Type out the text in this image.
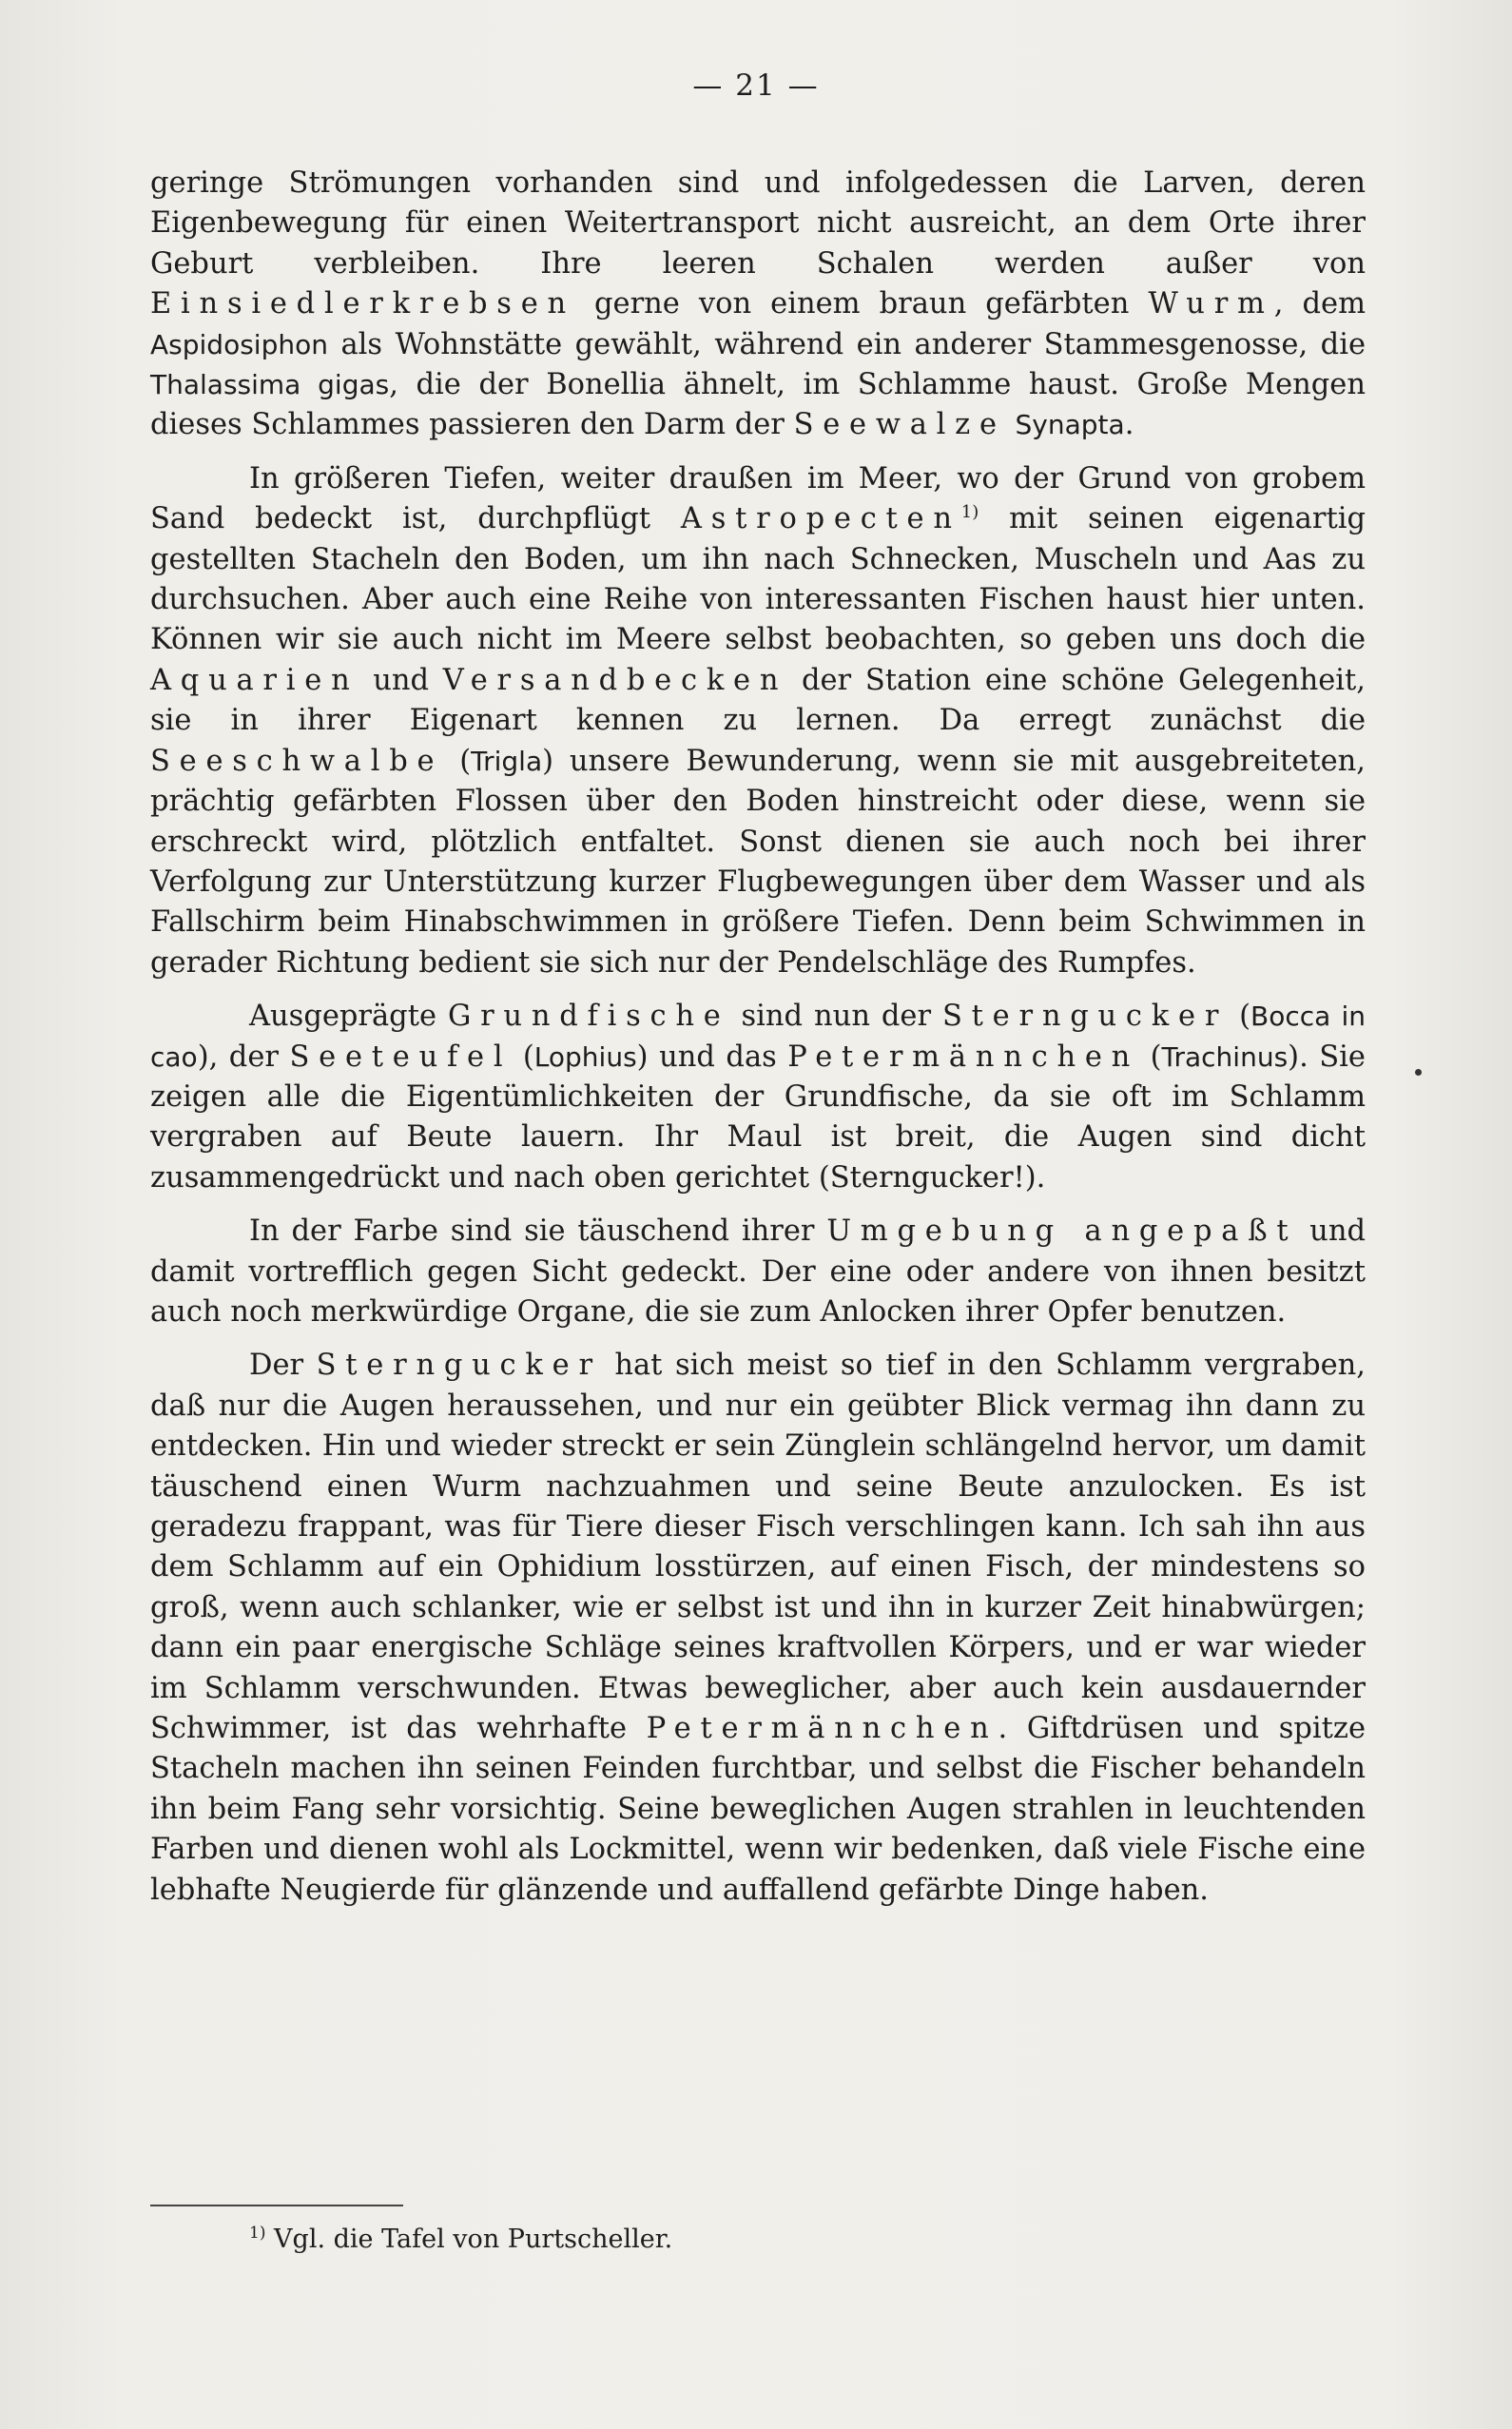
— 21 —

geringe Strömungen vorhanden sind und infolgedessen die Larven, deren Eigenbewegung für einen Weitertransport nicht ausreicht, an dem Orte ihrer Geburt verbleiben. Ihre leeren Schalen werden außer von Einsiedlerkrebsen gerne von einem braun gefärbten Wurm, dem Aspidosiphon als Wohnstätte gewählt, während ein anderer Stammesgenosse, die Thalassima gigas, die der Bonellia ähnelt, im Schlamme haust. Große Mengen dieses Schlammes passieren den Darm der Seewalze Synapta.

In größeren Tiefen, weiter draußen im Meer, wo der Grund von grobem Sand bedeckt ist, durchpflügt Astropecten$^{1)}$ mit seinen eigenartig gestellten Stacheln den Boden, um ihn nach Schnecken, Muscheln und Aas zu durchsuchen. Aber auch eine Reihe von interessanten Fischen haust hier unten. Können wir sie auch nicht im Meere selbst beobachten, so geben uns doch die Aquarien und Versandbecken der Station eine schöne Gelegenheit, sie in ihrer Eigenart kennen zu lernen. Da erregt zunächst die Seeschwalbe (Trigla) unsere Bewunderung, wenn sie mit ausgebreiteten, prächtig gefärbten Flossen über den Boden hinstreicht oder diese, wenn sie erschreckt wird, plötzlich entfaltet. Sonst dienen sie auch noch bei ihrer Verfolgung zur Unterstützung kurzer Flugbewegungen über dem Wasser und als Fallschirm beim Hinabschwimmen in größere Tiefen. Denn beim Schwimmen in gerader Richtung bedient sie sich nur der Pendelschläge des Rumpfes.

Ausgeprägte Grundfische sind nun der Sterngucker (Bocca in cao), der Seeteufel (Lophius) und das Petermännchen (Trachinus). Sie zeigen alle die Eigentümlichkeiten der Grundfische, da sie oft im Schlamm vergraben auf Beute lauern. Ihr Maul ist breit, die Augen sind dicht zusammengedrückt und nach oben gerichtet (Sterngucker!).

In der Farbe sind sie täuschend ihrer Umgebung angepaßt und damit vortrefflich gegen Sicht gedeckt. Der eine oder andere von ihnen besitzt auch noch merkwürdige Organe, die sie zum Anlocken ihrer Opfer benutzen.

Der Sterngucker hat sich meist so tief in den Schlamm vergraben, daß nur die Augen heraussehen, und nur ein geübter Blick vermag ihn dann zu entdecken. Hin und wieder streckt er sein Zünglein schlängelnd hervor, um damit täuschend einen Wurm nachzuahmen und seine Beute anzulocken. Es ist geradezu frappant, was für Tiere dieser Fisch verschlingen kann. Ich sah ihn aus dem Schlamm auf ein Ophidium losstürzen, auf einen Fisch, der mindestens so groß, wenn auch schlanker, wie er selbst ist und ihn in kurzer Zeit hinabwürgen; dann ein paar energische Schläge seines kraftvollen Körpers, und er war wieder im Schlamm verschwunden. Etwas beweglicher, aber auch kein ausdauernder Schwimmer, ist das wehrhafte Petermännchen. Giftdrüsen und spitze Stacheln machen ihn seinen Feinden furchtbar, und selbst die Fischer behandeln ihn beim Fang sehr vorsichtig. Seine beweglichen Augen strahlen in leuchtenden Farben und dienen wohl als Lockmittel, wenn wir bedenken, daß viele Fische eine lebhafte Neugierde für glänzende und auffallend gefärbte Dinge haben.

$^{1)}$ Vgl. die Tafel von Purtscheller.
